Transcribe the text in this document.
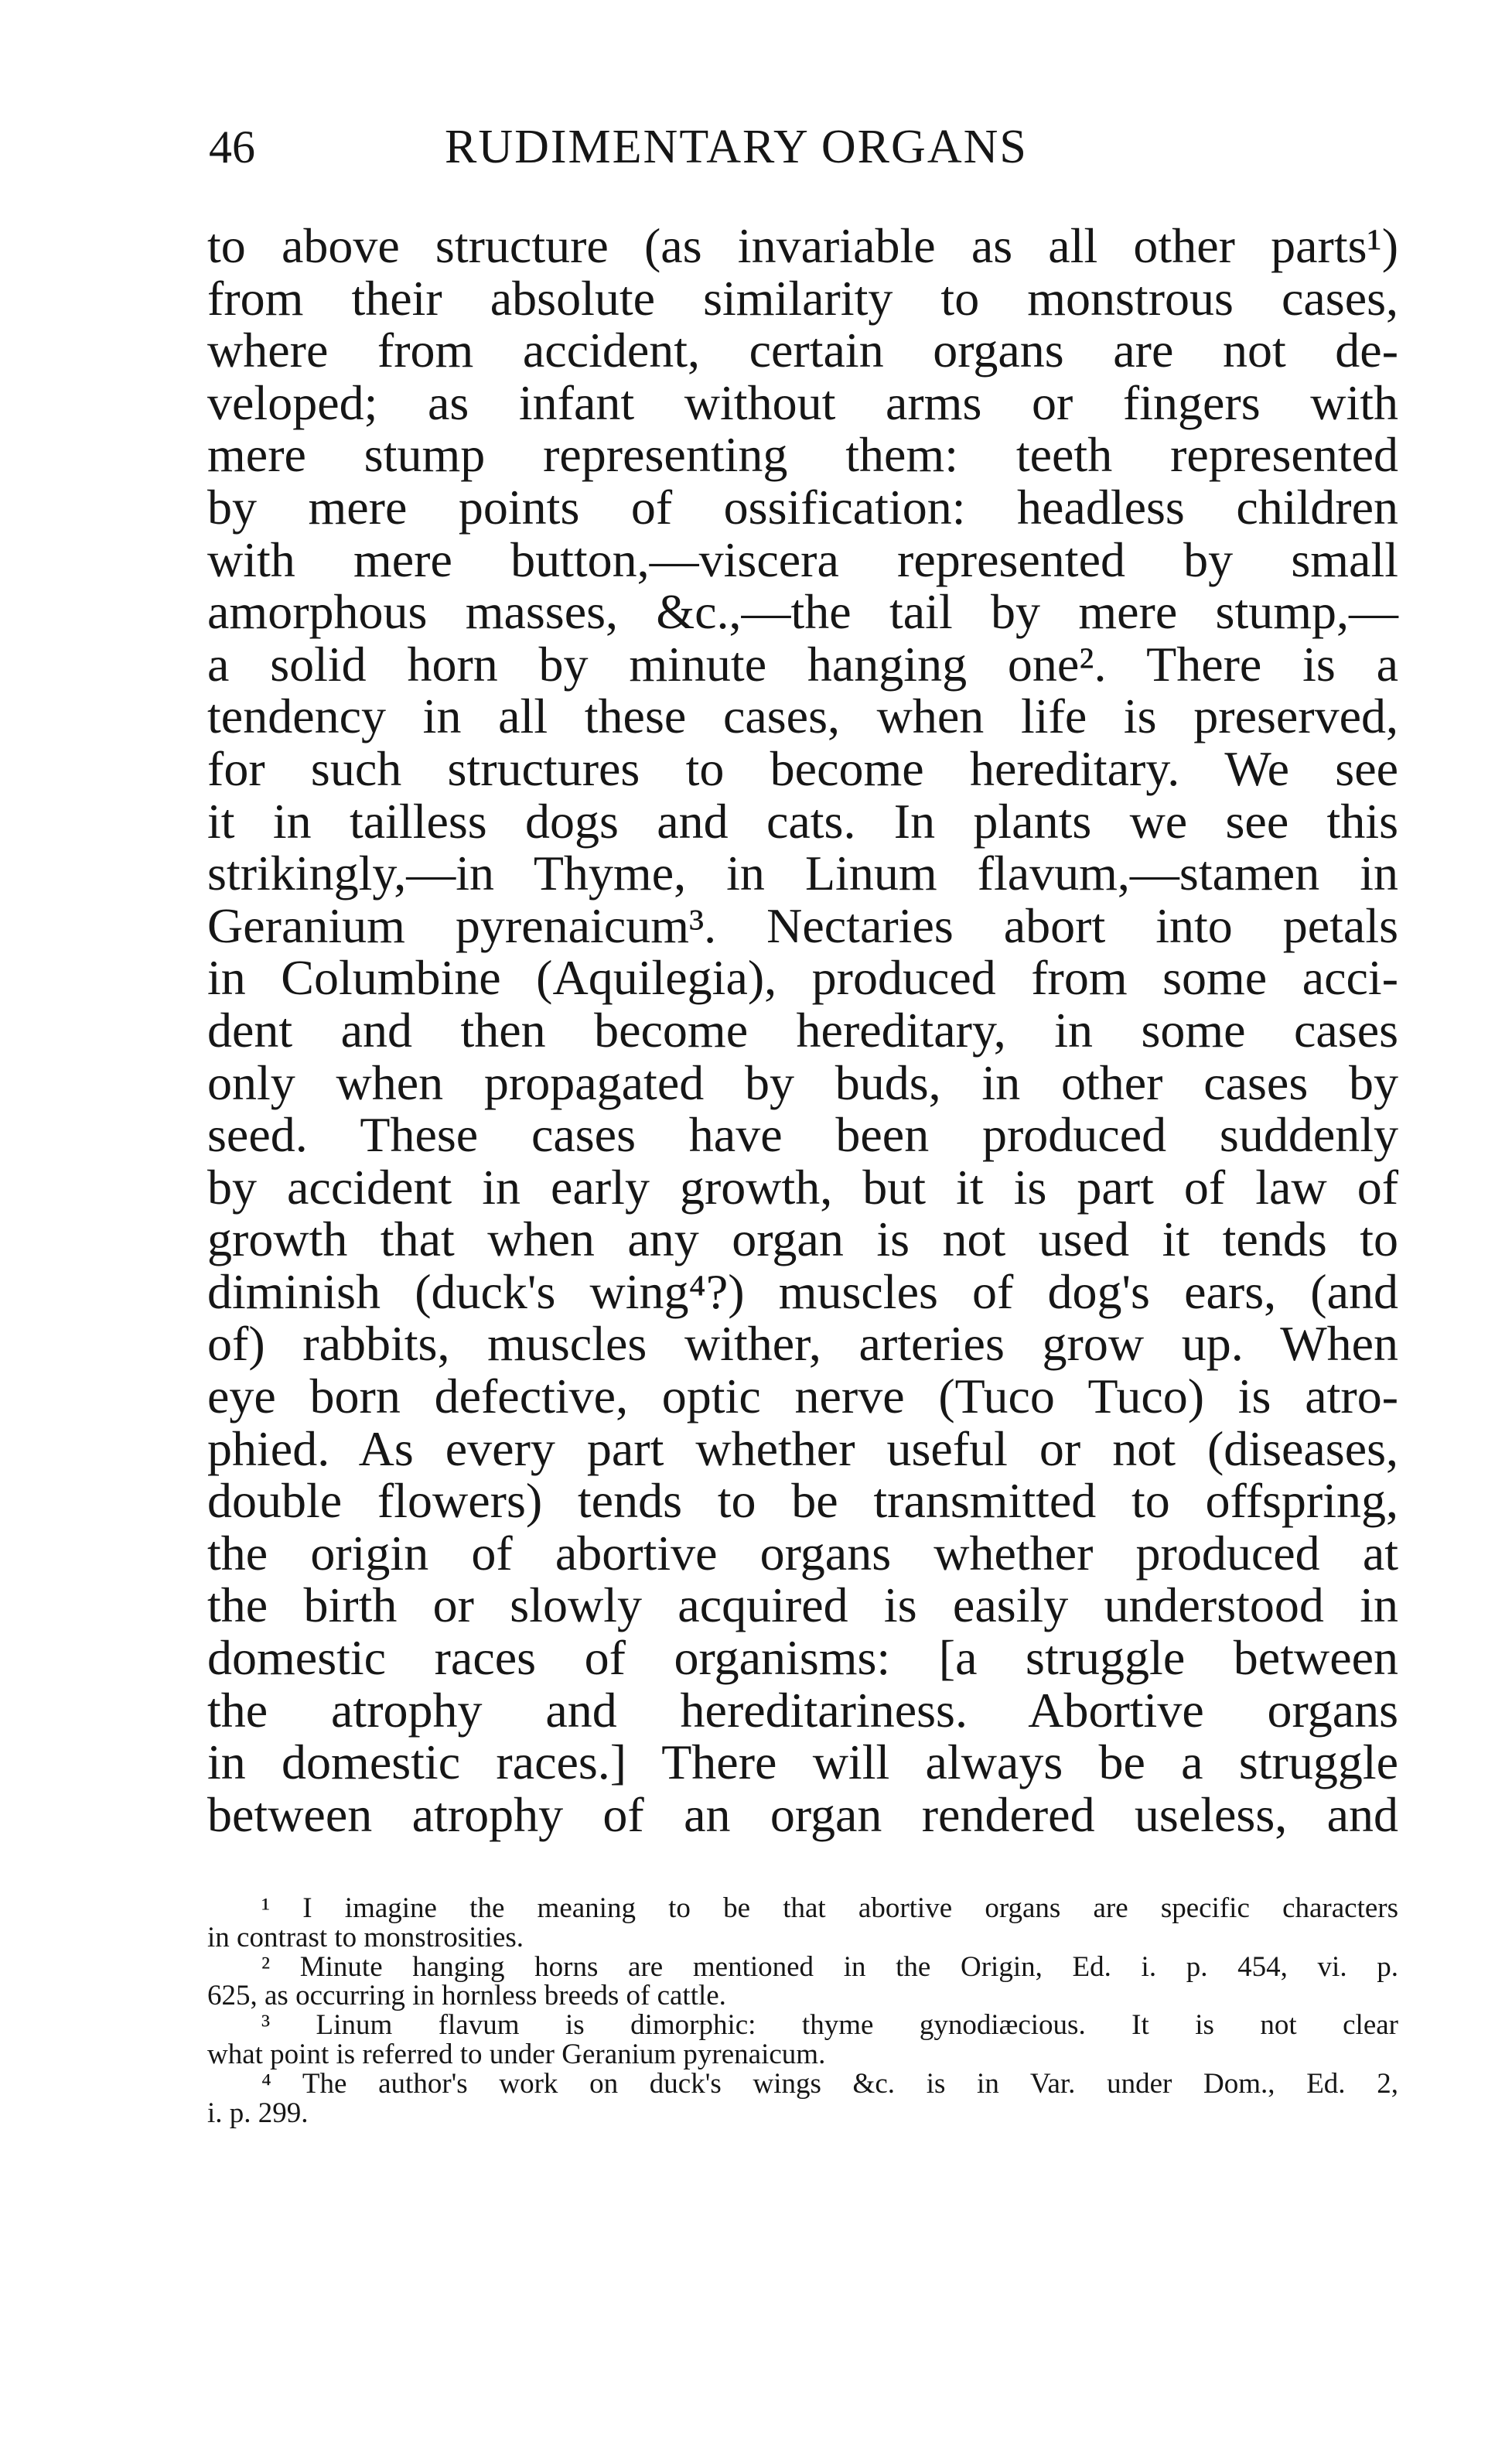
46	RUDIMENTARY ORGANS
to above structure (as invariable as all other parts¹)
from their absolute similarity to monstrous cases,
where from accident, certain organs are not de-
veloped; as infant without arms or fingers with
mere stump representing them: teeth represented
by mere points of ossification: headless children
with mere button,—viscera represented by small
amorphous masses, &c.,—the tail by mere stump,—
a solid horn by minute hanging one². There is a
tendency in all these cases, when life is preserved,
for such structures to become hereditary. We see
it in tailless dogs and cats. In plants we see this
strikingly,—in Thyme, in Linum flavum,—stamen in
Geranium pyrenaicum³. Nectaries abort into petals
in Columbine (Aquilegia), produced from some acci-
dent and then become hereditary, in some cases
only when propagated by buds, in other cases by
seed. These cases have been produced suddenly
by accident in early growth, but it is part of law of
growth that when any organ is not used it tends to
diminish (duck's wing⁴?) muscles of dog's ears, (and
of) rabbits, muscles wither, arteries grow up. When
eye born defective, optic nerve (Tuco Tuco) is atro-
phied. As every part whether useful or not (diseases,
double flowers) tends to be transmitted to offspring,
the origin of abortive organs whether produced at
the birth or slowly acquired is easily understood in
domestic races of organisms: [a struggle between
the atrophy and hereditariness. Abortive organs
in domestic races.] There will always be a struggle
between atrophy of an organ rendered useless, and
¹ I imagine the meaning to be that abortive organs are specific characters
in contrast to monstrosities.
² Minute hanging horns are mentioned in the Origin, Ed. i. p. 454, vi. p.
625, as occurring in hornless breeds of cattle.
³ Linum flavum is dimorphic: thyme gynodiæcious. It is not clear
what point is referred to under Geranium pyrenaicum.
⁴ The author's work on duck's wings &c. is in Var. under Dom., Ed. 2,
i. p. 299.
